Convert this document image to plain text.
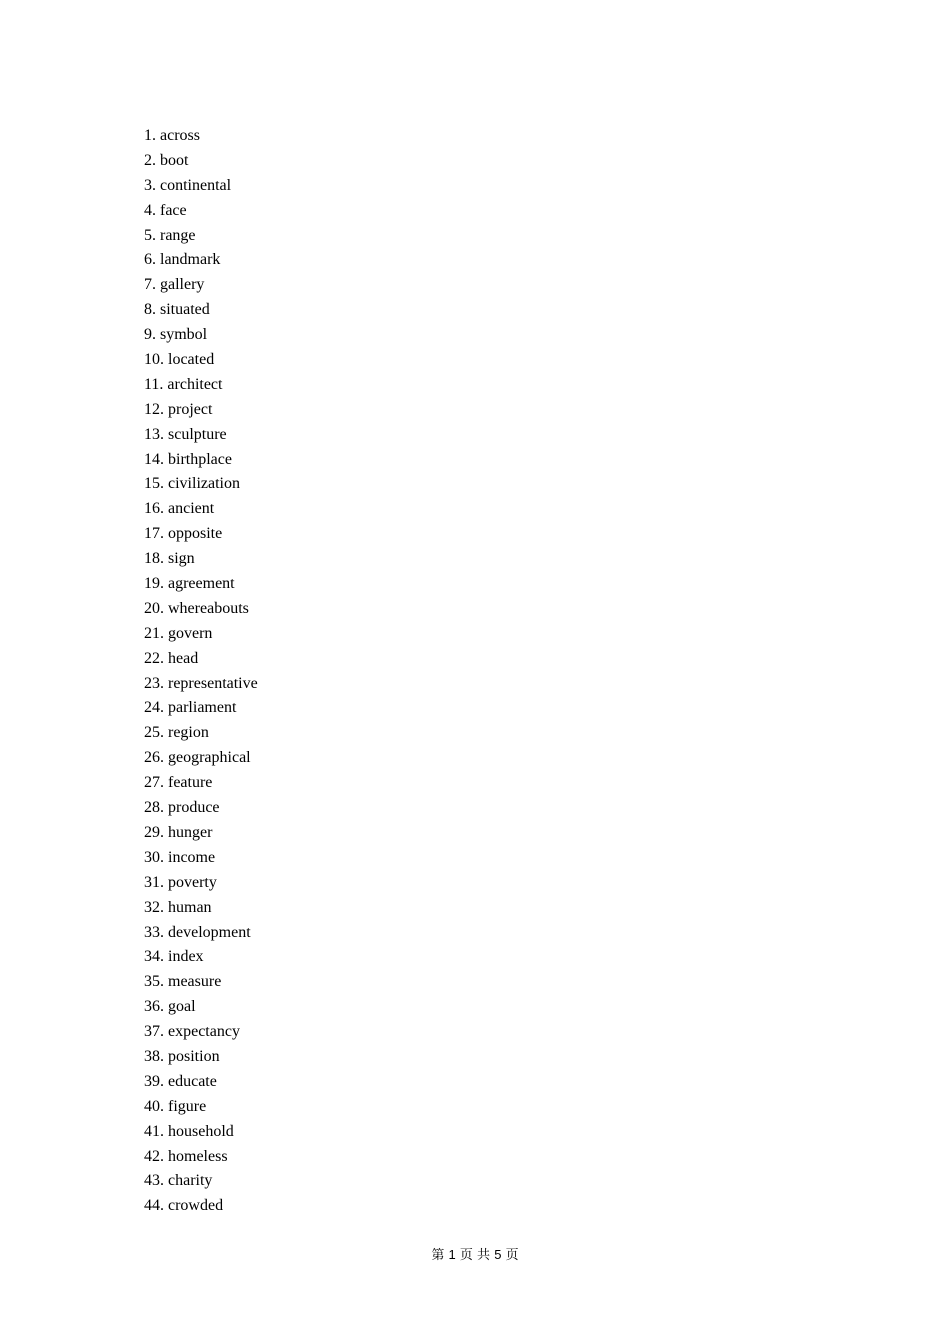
1. across
2. boot
3. continental
4. face
5. range
6. landmark
7. gallery
8. situated
9. symbol
10. located
11. architect
12. project
13. sculpture
14. birthplace
15. civilization
16. ancient
17. opposite
18. sign
19. agreement
20. whereabouts
21. govern
22. head
23. representative
24. parliament
25. region
26. geographical
27. feature
28. produce
29. hunger
30. income
31. poverty
32. human
33. development
34. index
35. measure
36. goal
37. expectancy
38. position
39. educate
40. figure
41. household
42. homeless
43. charity
44. crowded
第 1 页 共 5 页
